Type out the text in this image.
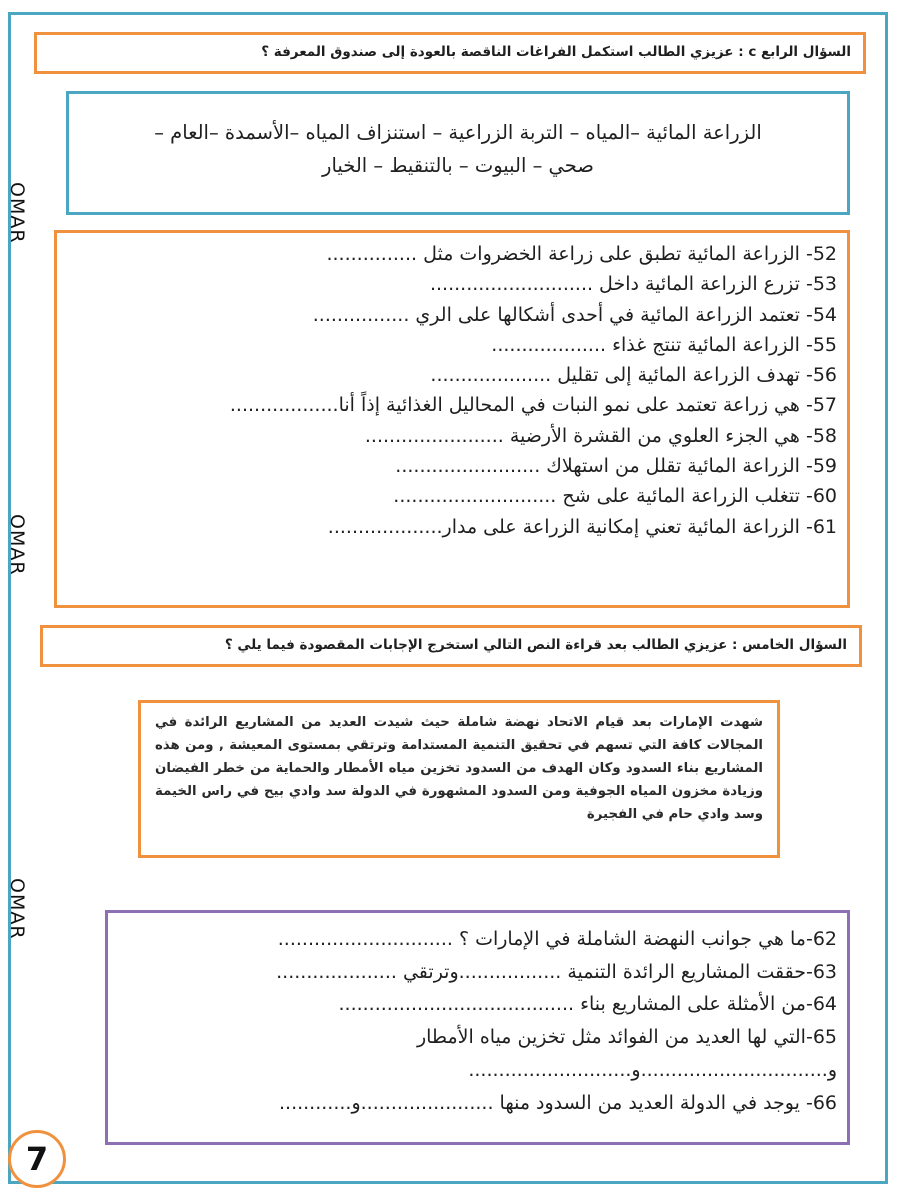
السؤال الرابع c : عزيزي الطالب استكمل الفراغات الناقصة بالعودة إلى صندوق المعرفة ؟
الزراعة المائية –المياه – التربة الزراعية – استنزاف المياه –الأسمدة –العام –
صحي – البيوت – بالتنقيط – الخيار
52- الزراعة المائية تطبق على زراعة الخضروات مثل ...............
53- تزرع الزراعة المائية داخل ...........................
54- تعتمد الزراعة المائية في أحدى أشكالها على الري ................
55- الزراعة المائية تنتج غذاء ...................
56- تهدف الزراعة المائية إلى تقليل ....................
57- هي زراعة تعتمد على نمو النبات في المحاليل الغذائية إذاً أنا..................
58- هي الجزء العلوي من القشرة الأرضية .......................
59- الزراعة المائية تقلل من استهلاك ........................
60- تتغلب الزراعة المائية على شح ...........................
61- الزراعة المائية تعني إمكانية الزراعة على مدار...................
السؤال الخامس : عزيزي الطالب بعد قراءة النص التالي استخرج الإجابات المقصودة فيما يلي ؟
شهدت الإمارات بعد قيام الاتحاد نهضة شاملة حيث شيدت العديد من المشاريع الرائدة في المجالات كافة التي تسهم في تحقيق التنمية المستدامة وترتقي بمستوى المعيشة , ومن هذه المشاريع بناء السدود وكان الهدف من السدود تخزين مياه الأمطار والحماية من خطر الفيضان وزيادة مخزون المياه الجوفية ومن السدود المشهورة في الدولة سد وادي بيح في راس الخيمة وسد وادي حام في الفجيرة
62-ما هي جوانب النهضة الشاملة في الإمارات ؟ .............................
63-حققت المشاريع الرائدة التنمية .................وترتقي ....................
64-من الأمثلة على المشاريع بناء .......................................
65-التي لها العديد من الفوائد مثل تخزين مياه الأمطار
و...............................و...........................
66- يوجد في الدولة العديد من السدود منها ......................و............
OMAR
OMAR
OMAR
7
